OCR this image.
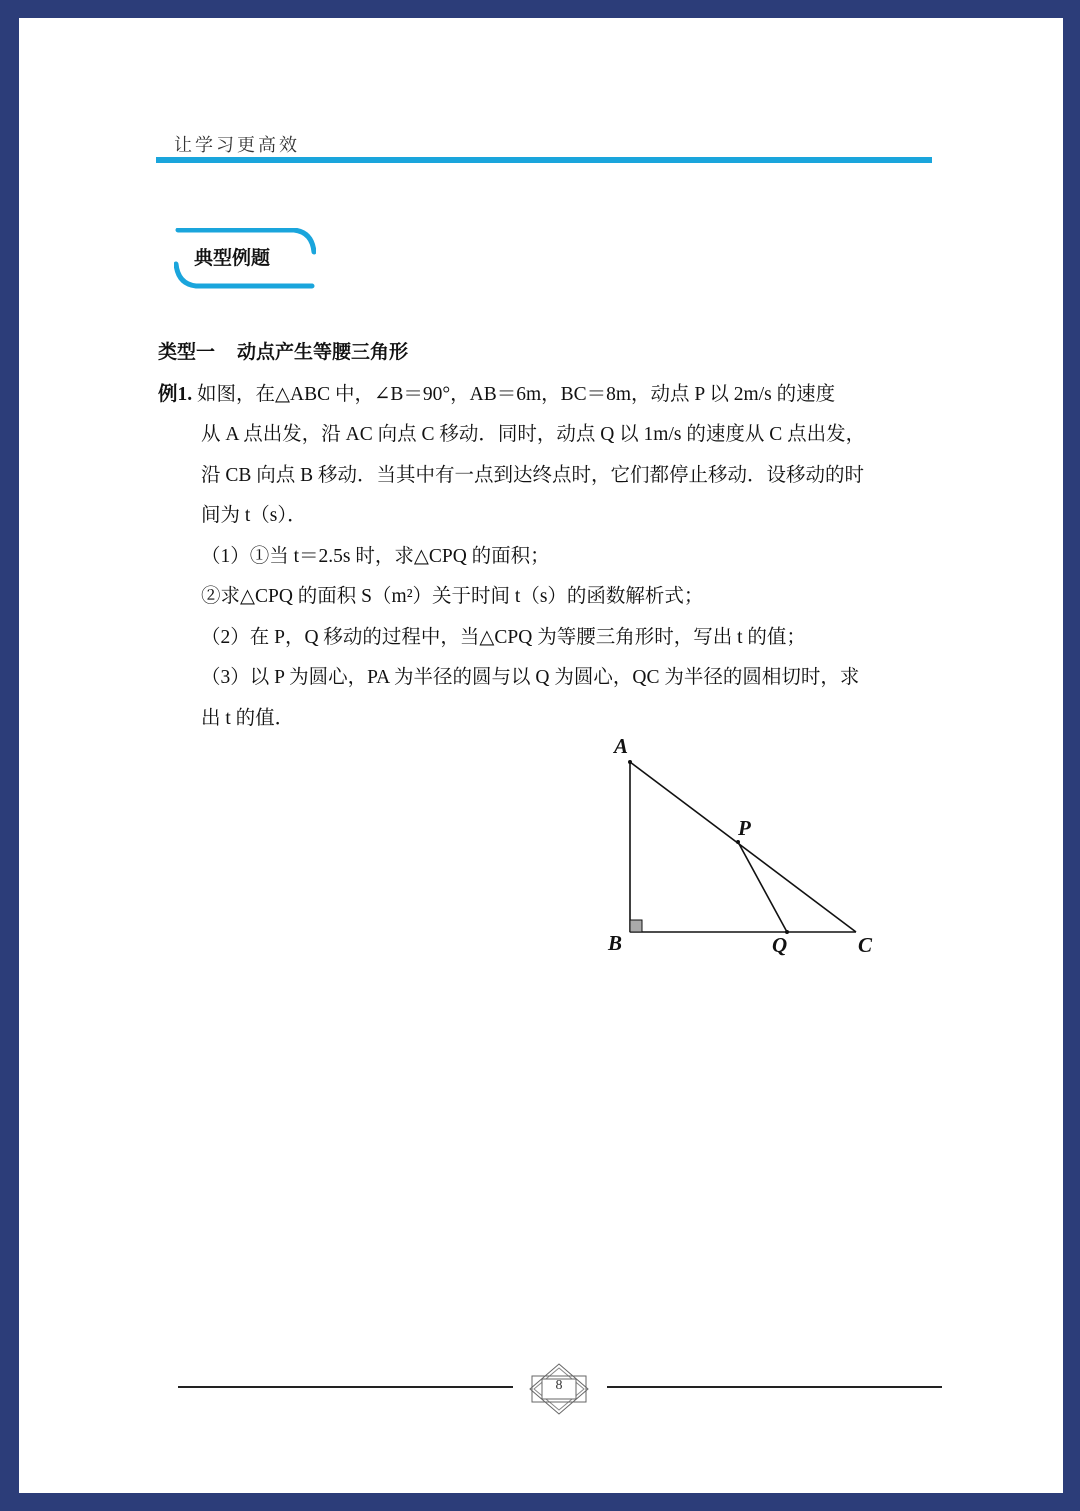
让学习更高效
典型例题
类型一 动点产生等腰三角形
例1. 如图，在△ABC 中，∠B＝90°，AB＝6m，BC＝8m，动点 P 以 2m/s 的速度
从 A 点出发，沿 AC 向点 C 移动．同时，动点 Q 以 1m/s 的速度从 C 点出发，
沿 CB 向点 B 移动．当其中有一点到达终点时，它们都停止移动．设移动的时
间为 t（s）．
（1）①当 t＝2.5s 时，求△CPQ 的面积；
②求△CPQ 的面积 S（m²）关于时间 t（s）的函数解析式；
（2）在 P，Q 移动的过程中，当△CPQ 为等腰三角形时，写出 t 的值；
（3）以 P 为圆心，PA 为半径的圆与以 Q 为圆心，QC 为半径的圆相切时，求
出 t 的值．
A
P
B	Q	C
8
